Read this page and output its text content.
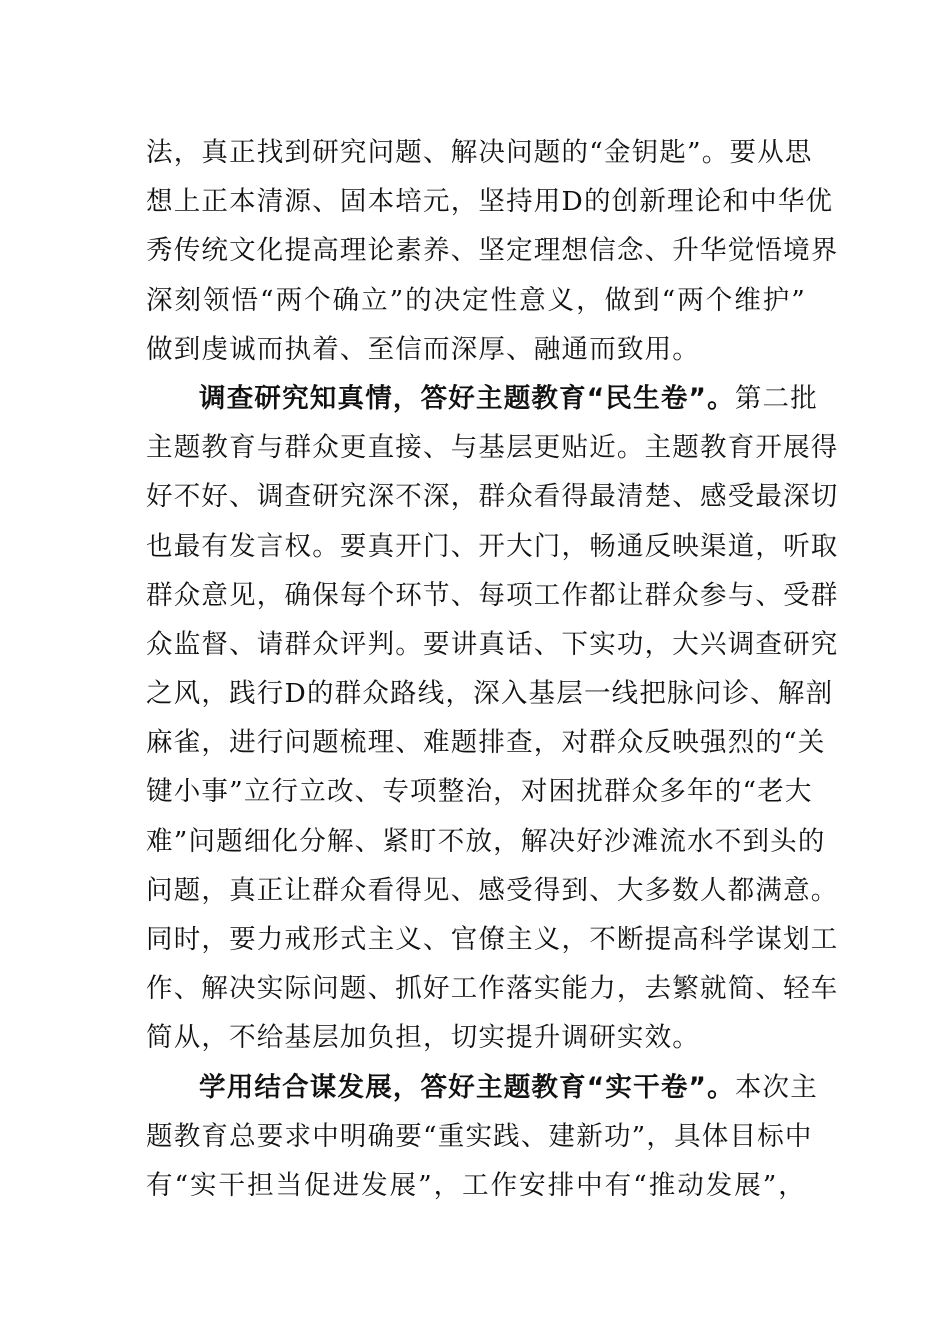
法，真正找到研究问题、解决问题的“金钥匙”。要从思
想上正本清源、固本培元，坚持用D的创新理论和中华优
秀传统文化提高理论素养、坚定理想信念、升华觉悟境界
深刻领悟“两个确立”的决定性意义，做到“两个维护”
做到虔诚而执着、至信而深厚、融通而致用。
调查研究知真情，答好主题教育“民生卷”。第二批
主题教育与群众更直接、与基层更贴近。主题教育开展得
好不好、调查研究深不深，群众看得最清楚、感受最深切
也最有发言权。要真开门、开大门，畅通反映渠道，听取
群众意见，确保每个环节、每项工作都让群众参与、受群
众监督、请群众评判。要讲真话、下实功，大兴调查研究
之风，践行D的群众路线，深入基层一线把脉问诊、解剖
麻雀，进行问题梳理、难题排查，对群众反映强烈的“关
键小事”立行立改、专项整治，对困扰群众多年的“老大
难”问题细化分解、紧盯不放，解决好沙滩流水不到头的
问题，真正让群众看得见、感受得到、大多数人都满意。
同时，要力戒形式主义、官僚主义，不断提高科学谋划工
作、解决实际问题、抓好工作落实能力，去繁就简、轻车
简从，不给基层加负担，切实提升调研实效。
学用结合谋发展，答好主题教育“实干卷”。本次主
题教育总要求中明确要“重实践、建新功”，具体目标中
有“实干担当促进发展”，工作安排中有“推动发展”，
